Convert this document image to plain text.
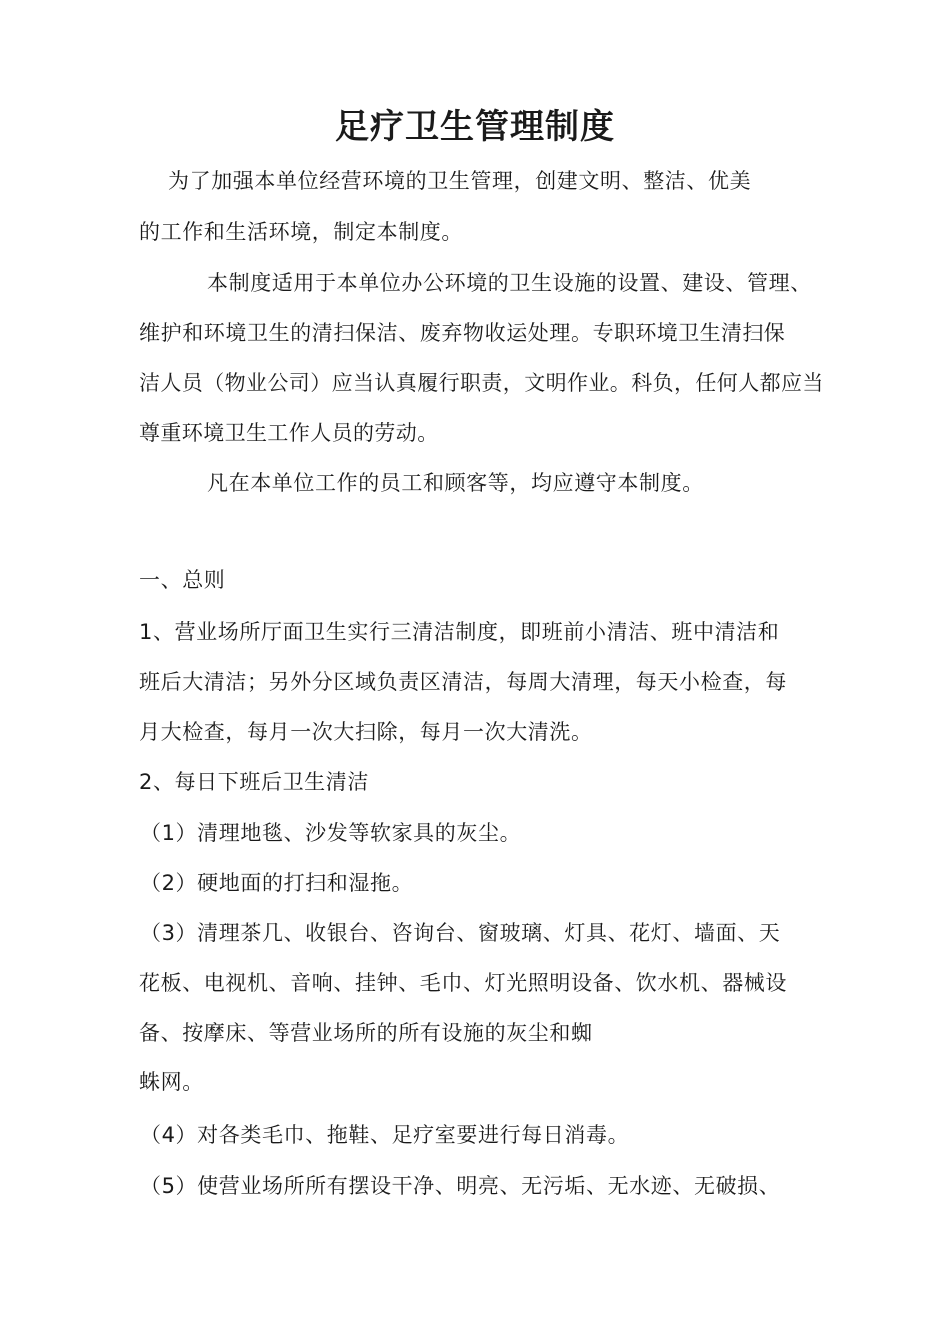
足疗卫生管理制度
为了加强本单位经营环境的卫生管理，创建文明、整洁、优美
的工作和生活环境，制定本制度。
本制度适用于本单位办公环境的卫生设施的设置、建设、管理、
维护和环境卫生的清扫保洁、废弃物收运处理。专职环境卫生清扫保
洁人员（物业公司）应当认真履行职责，文明作业。科负，任何人都应当
尊重环境卫生工作人员的劳动。
凡在本单位工作的员工和顾客等，均应遵守本制度。
一、总则
1、营业场所厅面卫生实行三清洁制度，即班前小清洁、班中清洁和
班后大清洁；另外分区域负责区清洁，每周大清理，每天小检查，每
月大检查，每月一次大扫除，每月一次大清洗。
2、每日下班后卫生清洁
（1）清理地毯、沙发等软家具的灰尘。
（2）硬地面的打扫和湿拖。
（3）清理茶几、收银台、咨询台、窗玻璃、灯具、花灯、墙面、天
花板、电视机、音响、挂钟、毛巾、灯光照明设备、饮水机、器械设
备、按摩床、等营业场所的所有设施的灰尘和蜘
蛛网。
（4）对各类毛巾、拖鞋、足疗室要进行每日消毒。
（5）使营业场所所有摆设干净、明亮、无污垢、无水迹、无破损、
